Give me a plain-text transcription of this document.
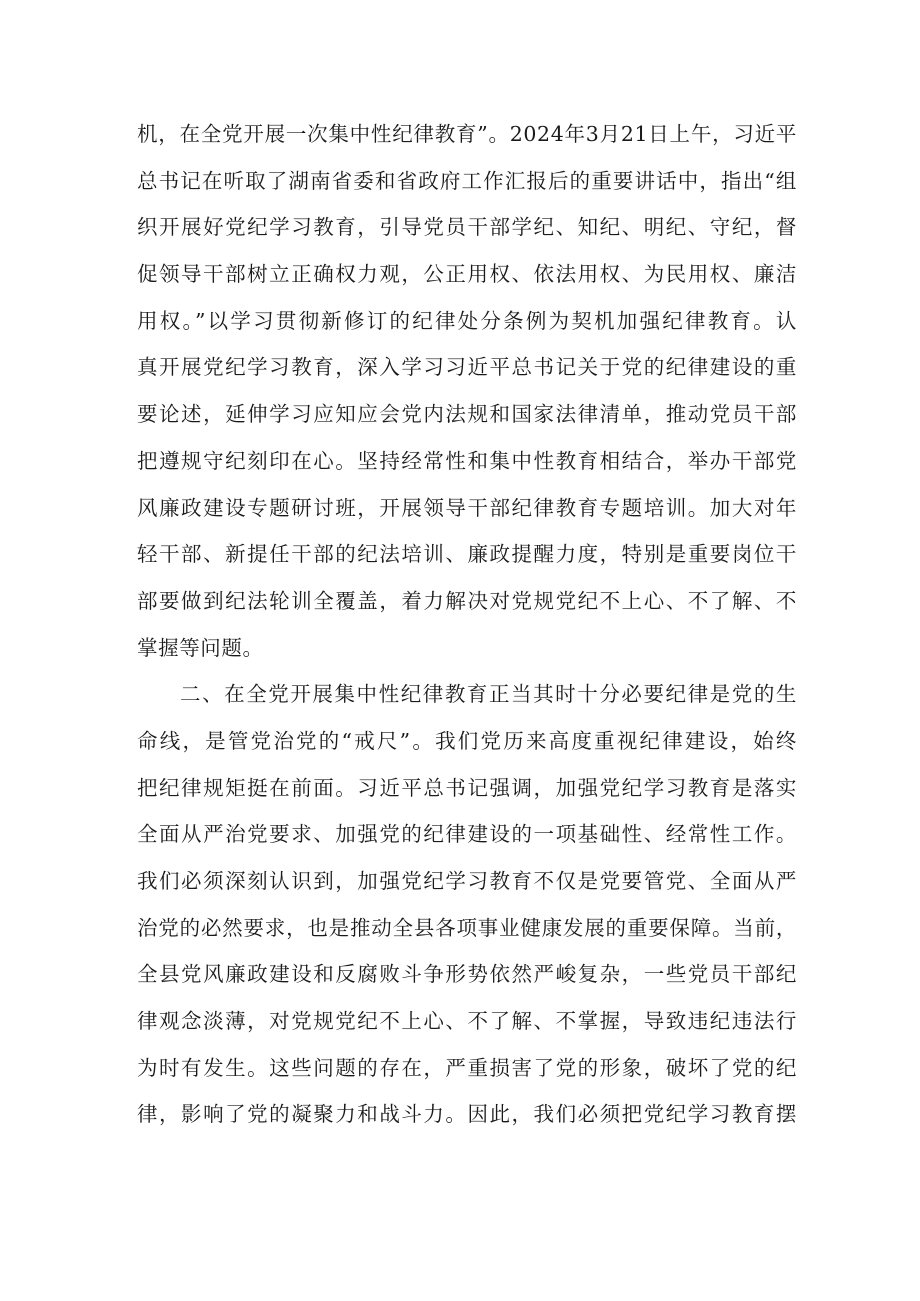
机，在全党开展一次集中性纪律教育”。2024年3月21日上午，习近平
总书记在听取了湖南省委和省政府工作汇报后的重要讲话中，指出“组
织开展好党纪学习教育，引导党员干部学纪、知纪、明纪、守纪，督
促领导干部树立正确权力观，公正用权、依法用权、为民用权、廉洁
用权。”以学习贯彻新修订的纪律处分条例为契机加强纪律教育。认
真开展党纪学习教育，深入学习习近平总书记关于党的纪律建设的重
要论述，延伸学习应知应会党内法规和国家法律清单，推动党员干部
把遵规守纪刻印在心。坚持经常性和集中性教育相结合，举办干部党
风廉政建设专题研讨班，开展领导干部纪律教育专题培训。加大对年
轻干部、新提任干部的纪法培训、廉政提醒力度，特别是重要岗位干
部要做到纪法轮训全覆盖，着力解决对党规党纪不上心、不了解、不
掌握等问题。
二、在全党开展集中性纪律教育正当其时十分必要纪律是党的生
命线，是管党治党的“戒尺”。我们党历来高度重视纪律建设，始终
把纪律规矩挺在前面。习近平总书记强调，加强党纪学习教育是落实
全面从严治党要求、加强党的纪律建设的一项基础性、经常性工作。
我们必须深刻认识到，加强党纪学习教育不仅是党要管党、全面从严
治党的必然要求，也是推动全县各项事业健康发展的重要保障。当前，
全县党风廉政建设和反腐败斗争形势依然严峻复杂，一些党员干部纪
律观念淡薄，对党规党纪不上心、不了解、不掌握，导致违纪违法行
为时有发生。这些问题的存在，严重损害了党的形象，破坏了党的纪
律，影响了党的凝聚力和战斗力。因此，我们必须把党纪学习教育摆
